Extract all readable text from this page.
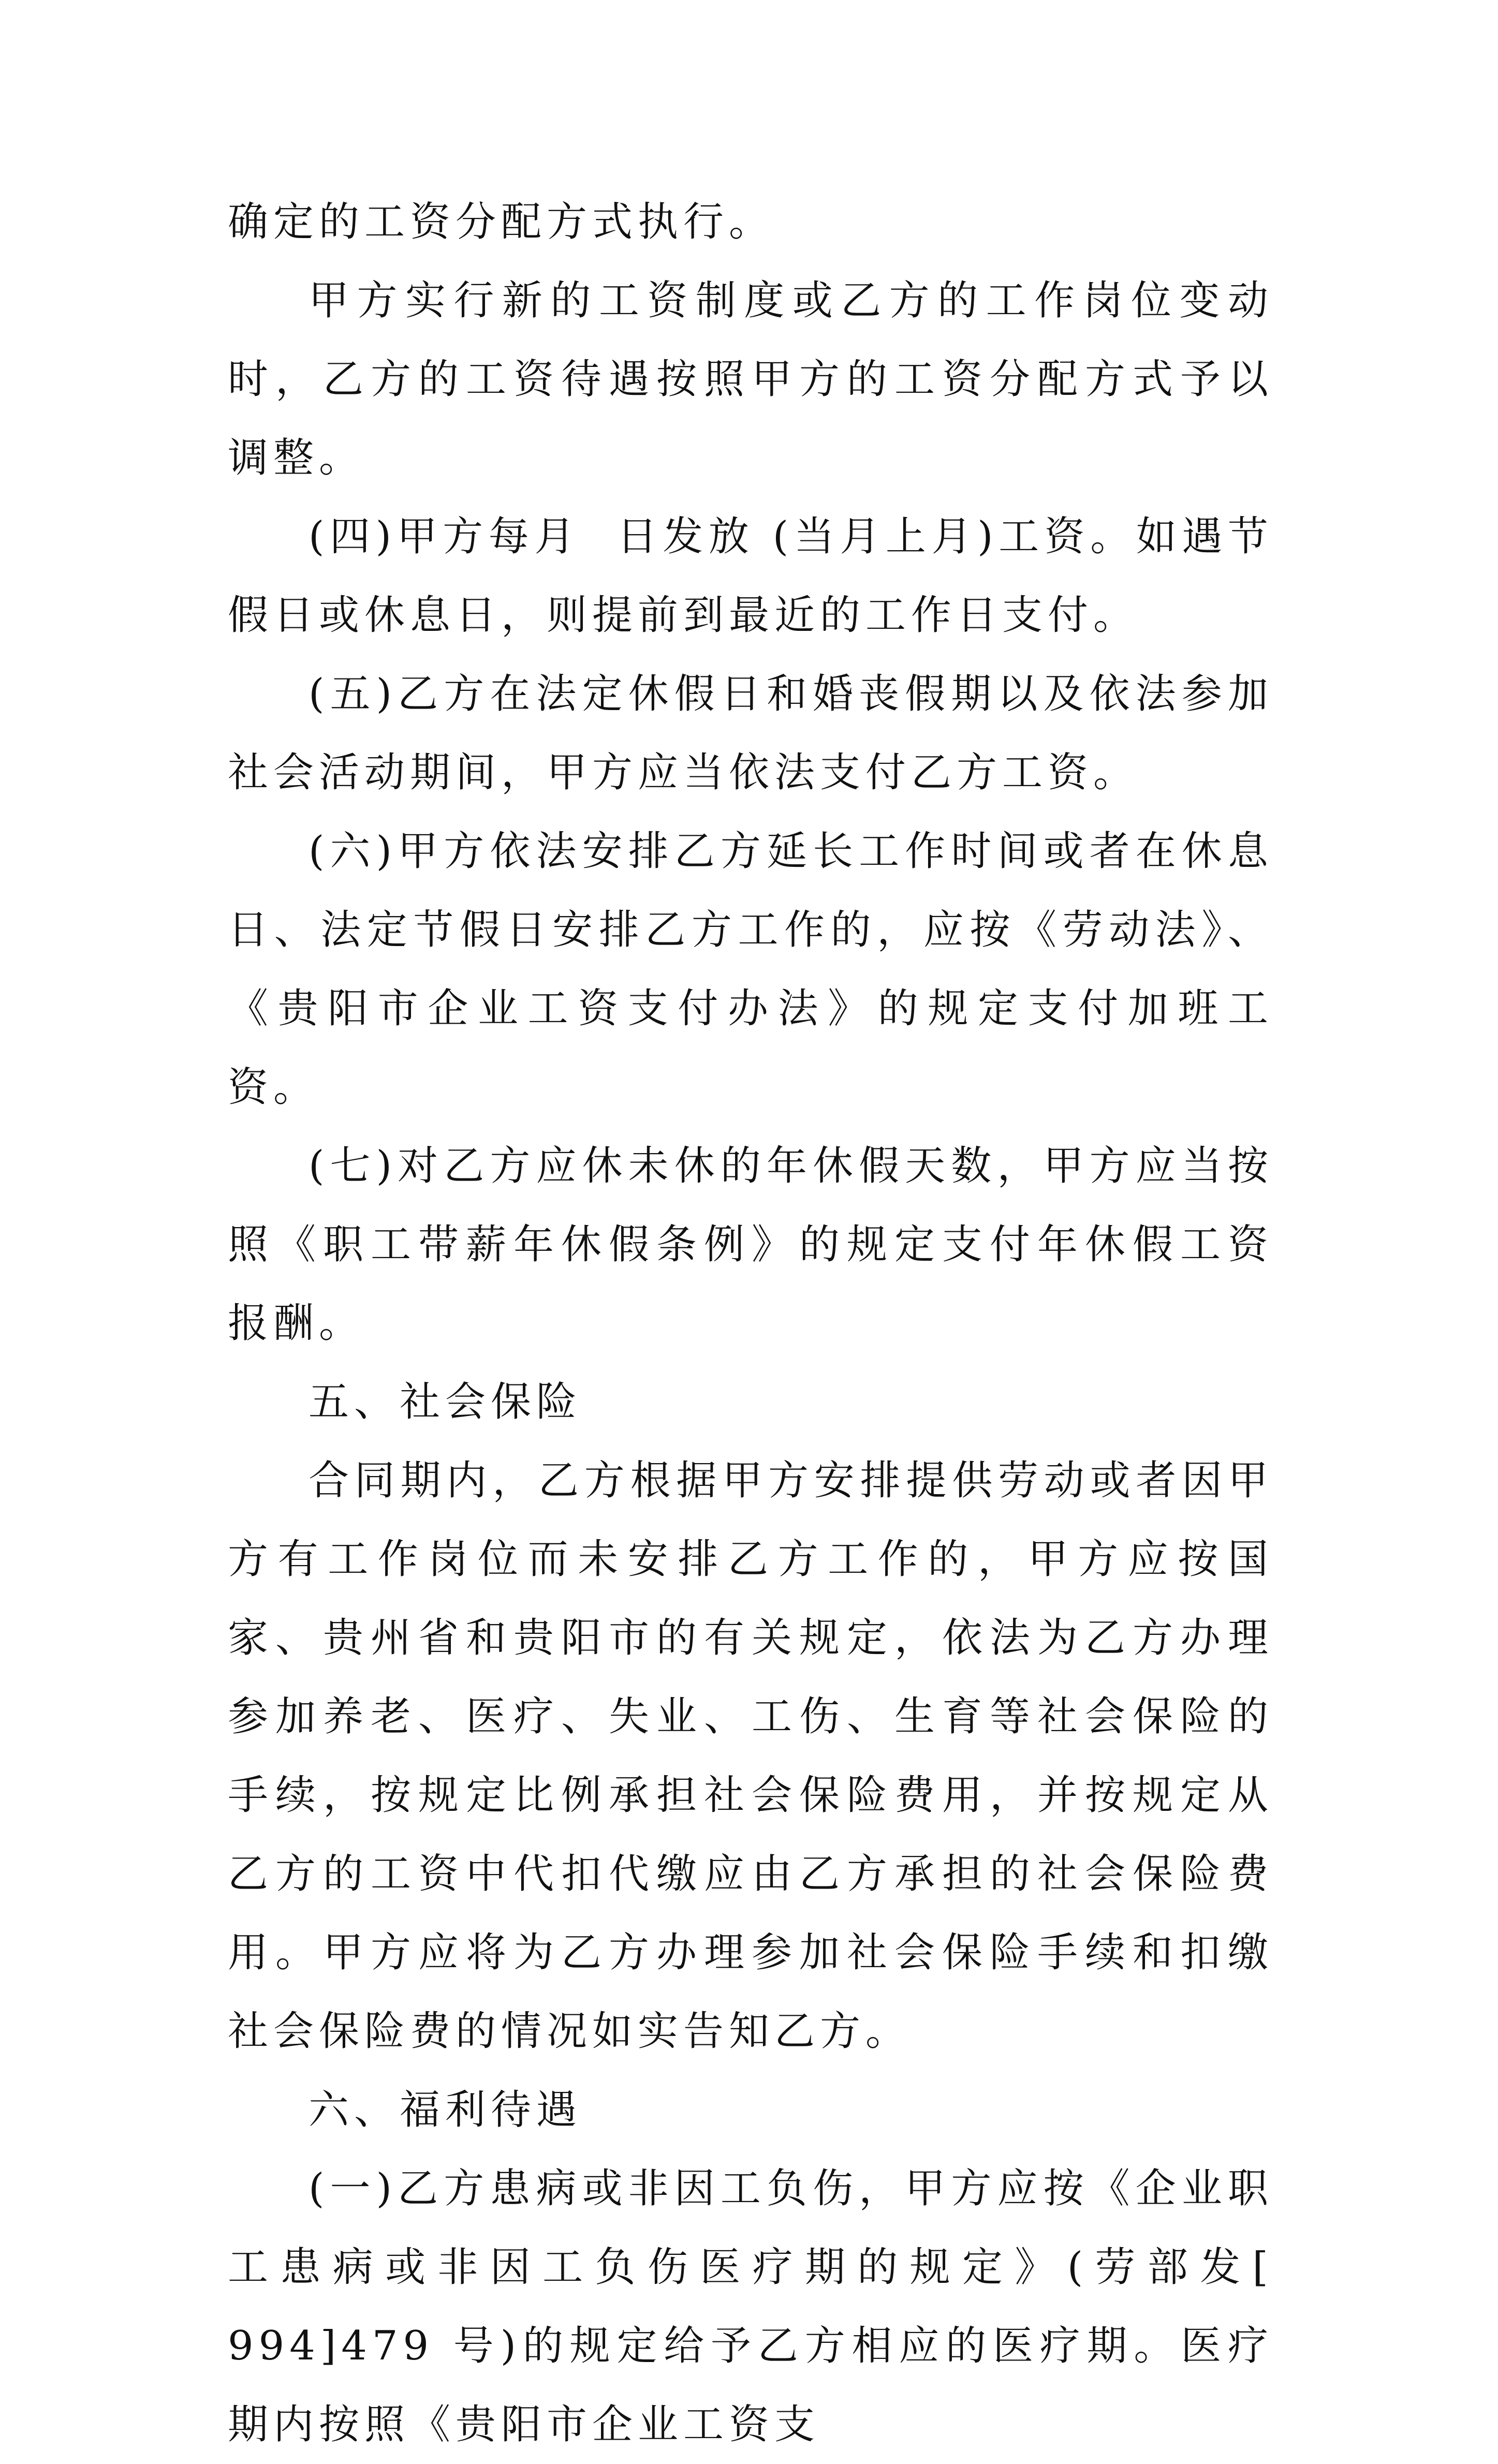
确定的工资分配方式执行。

甲方实行新的工资制度或乙方的工作岗位变动时，乙方的工资待遇按照甲方的工资分配方式予以调整。

(四)甲方每月  日发放 (当月上月)工资。如遇节假日或休息日，则提前到最近的工作日支付。

(五)乙方在法定休假日和婚丧假期以及依法参加社会活动期间，甲方应当依法支付乙方工资。

(六)甲方依法安排乙方延长工作时间或者在休息日、法定节假日安排乙方工作的，应按《劳动法》、《贵阳市企业工资支付办法》的规定支付加班工资。

(七)对乙方应休未休的年休假天数，甲方应当按照《职工带薪年休假条例》的规定支付年休假工资报酬。

五、社会保险

合同期内，乙方根据甲方安排提供劳动或者因甲方有工作岗位而未安排乙方工作的，甲方应按国家、贵州省和贵阳市的有关规定，依法为乙方办理参加养老、医疗、失业、工伤、生育等社会保险的手续，按规定比例承担社会保险费用，并按规定从乙方的工资中代扣代缴应由乙方承担的社会保险费用。甲方应将为乙方办理参加社会保险手续和扣缴社会保险费的情况如实告知乙方。

六、福利待遇

(一)乙方患病或非因工负伤，甲方应按《企业职工患病或非因工负伤医疗期的规定》(劳部发[ 994]479 号)的规定给予乙方相应的医疗期。医疗期内按照《贵阳市企业工资支
